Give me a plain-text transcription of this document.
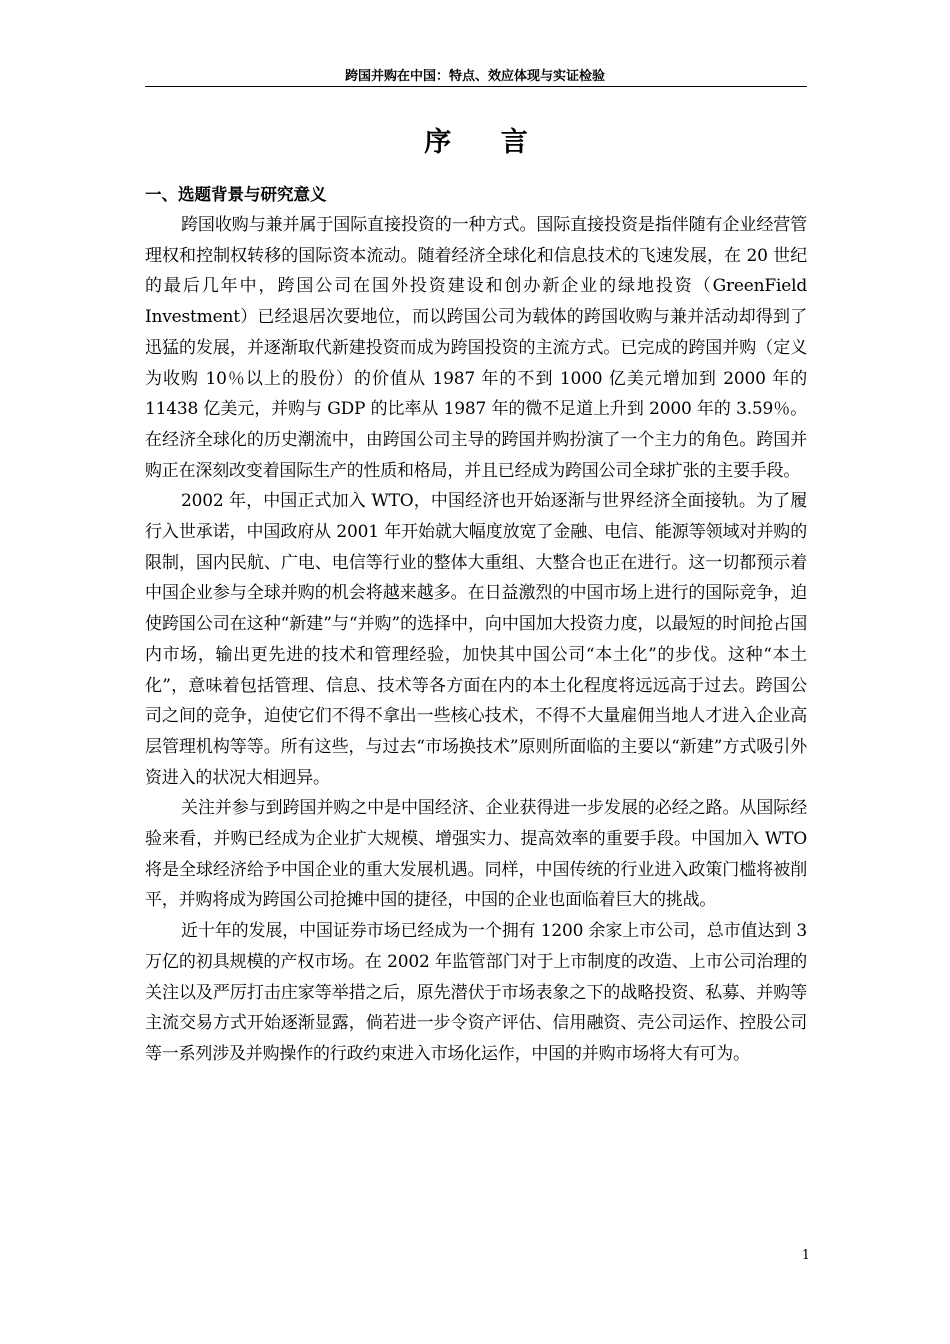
跨国并购在中国：特点、效应体现与实证检验
序 言
一、选题背景与研究意义

跨国收购与兼并属于国际直接投资的一种方式。国际直接投资是指伴随有企业经营管理权和控制权转移的国际资本流动。随着经济全球化和信息技术的飞速发展，在 20 世纪的最后几年中，跨国公司在国外投资建设和创办新企业的绿地投资（GreenField Investment）已经退居次要地位，而以跨国公司为载体的跨国收购与兼并活动却得到了迅猛的发展，并逐渐取代新建投资而成为跨国投资的主流方式。已完成的跨国并购（定义为收购 10％以上的股份）的价值从 1987 年的不到 1000 亿美元增加到 2000 年的 11438 亿美元，并购与 GDP 的比率从 1987 年的微不足道上升到 2000 年的 3.59％。在经济全球化的历史潮流中，由跨国公司主导的跨国并购扮演了一个主力的角色。跨国并购正在深刻改变着国际生产的性质和格局，并且已经成为跨国公司全球扩张的主要手段。

2002 年，中国正式加入 WTO，中国经济也开始逐渐与世界经济全面接轨。为了履行入世承诺，中国政府从 2001 年开始就大幅度放宽了金融、电信、能源等领域对并购的限制，国内民航、广电、电信等行业的整体大重组、大整合也正在进行。这一切都预示着中国企业参与全球并购的机会将越来越多。在日益激烈的中国市场上进行的国际竞争，迫使跨国公司在这种“新建”与“并购”的选择中，向中国加大投资力度，以最短的时间抢占国内市场，输出更先进的技术和管理经验，加快其中国公司“本土化”的步伐。这种“本土化”，意味着包括管理、信息、技术等各方面在内的本土化程度将远远高于过去。跨国公司之间的竞争，迫使它们不得不拿出一些核心技术，不得不大量雇佣当地人才进入企业高层管理机构等等。所有这些，与过去“市场换技术”原则所面临的主要以“新建”方式吸引外资进入的状况大相迥异。

关注并参与到跨国并购之中是中国经济、企业获得进一步发展的必经之路。从国际经验来看，并购已经成为企业扩大规模、增强实力、提高效率的重要手段。中国加入 WTO 将是全球经济给予中国企业的重大发展机遇。同样，中国传统的行业进入政策门槛将被削平，并购将成为跨国公司抢摊中国的捷径，中国的企业也面临着巨大的挑战。

近十年的发展，中国证券市场已经成为一个拥有 1200 余家上市公司，总市值达到 3 万亿的初具规模的产权市场。在 2002 年监管部门对于上市制度的改造、上市公司治理的关注以及严厉打击庄家等举措之后，原先潜伏于市场表象之下的战略投资、私募、并购等主流交易方式开始逐渐显露，倘若进一步令资产评估、信用融资、壳公司运作、控股公司等一系列涉及并购操作的行政约束进入市场化运作，中国的并购市场将大有可为。

1
